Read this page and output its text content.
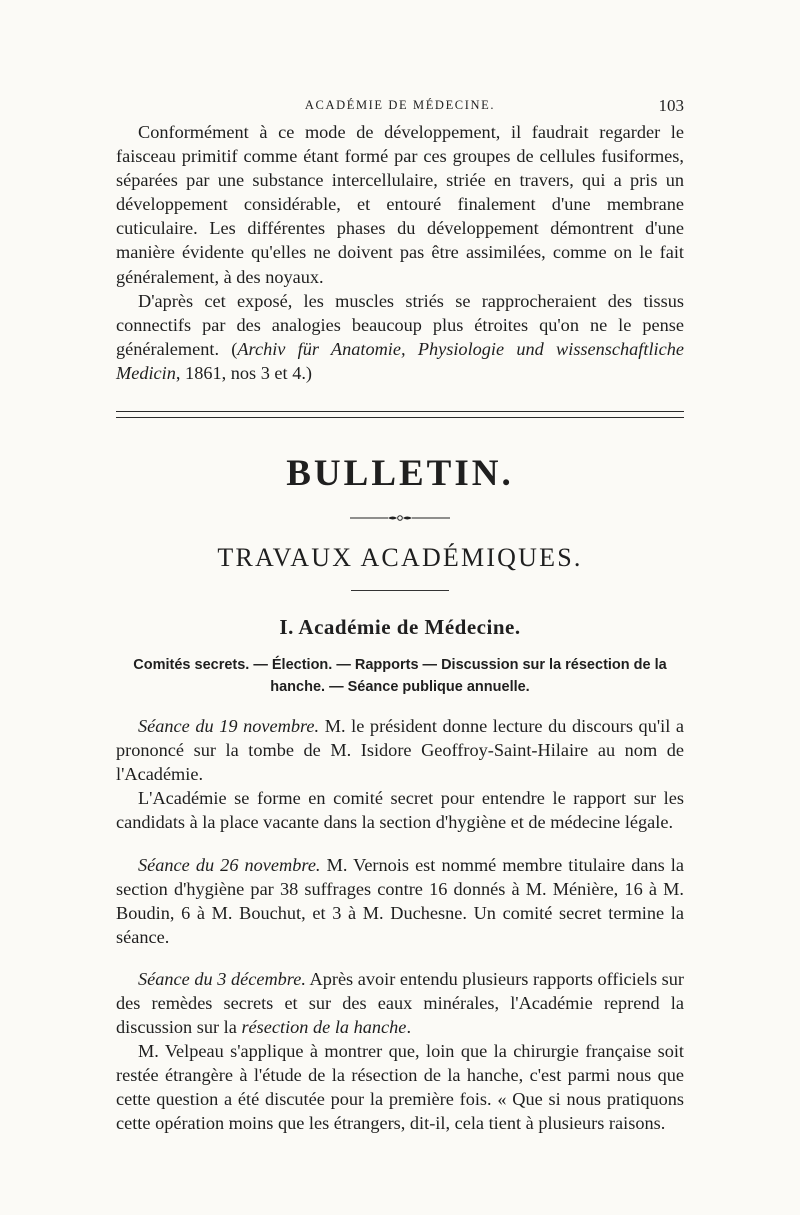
ACADÉMIE DE MÉDECINE.	103

Conformément à ce mode de développement, il faudrait regarder le faisceau primitif comme étant formé par ces groupes de cellules fusiformes, séparées par une substance intercellulaire, striée en travers, qui a pris un développement considérable, et entouré finalement d'une membrane cuticulaire. Les différentes phases du développement démontrent d'une manière évidente qu'elles ne doivent pas être assimilées, comme on le fait généralement, à des noyaux.

D'après cet exposé, les muscles striés se rapprocheraient des tissus connectifs par des analogies beaucoup plus étroites qu'on ne le pense généralement. (Archiv für Anatomie, Physiologie und wissenschaftliche Medicin, 1861, nos 3 et 4.)

BULLETIN.
TRAVAUX ACADÉMIQUES.
I. Académie de Médecine.
Comités secrets. — Élection. — Rapports — Discussion sur la résection de la hanche. — Séance publique annuelle.

Séance du 19 novembre. M. le président donne lecture du discours qu'il a prononcé sur la tombe de M. Isidore Geoffroy-Saint-Hilaire au nom de l'Académie.

L'Académie se forme en comité secret pour entendre le rapport sur les candidats à la place vacante dans la section d'hygiène et de médecine légale.

Séance du 26 novembre. M. Vernois est nommé membre titulaire dans la section d'hygiène par 38 suffrages contre 16 donnés à M. Ménière, 16 à M. Boudin, 6 à M. Bouchut, et 3 à M. Duchesne. Un comité secret termine la séance.

Séance du 3 décembre. Après avoir entendu plusieurs rapports officiels sur des remèdes secrets et sur des eaux minérales, l'Académie reprend la discussion sur la résection de la hanche.

M. Velpeau s'applique à montrer que, loin que la chirurgie française soit restée étrangère à l'étude de la résection de la hanche, c'est parmi nous que cette question a été discutée pour la première fois. « Que si nous pratiquons cette opération moins que les étrangers, dit-il, cela tient à plusieurs raisons.
